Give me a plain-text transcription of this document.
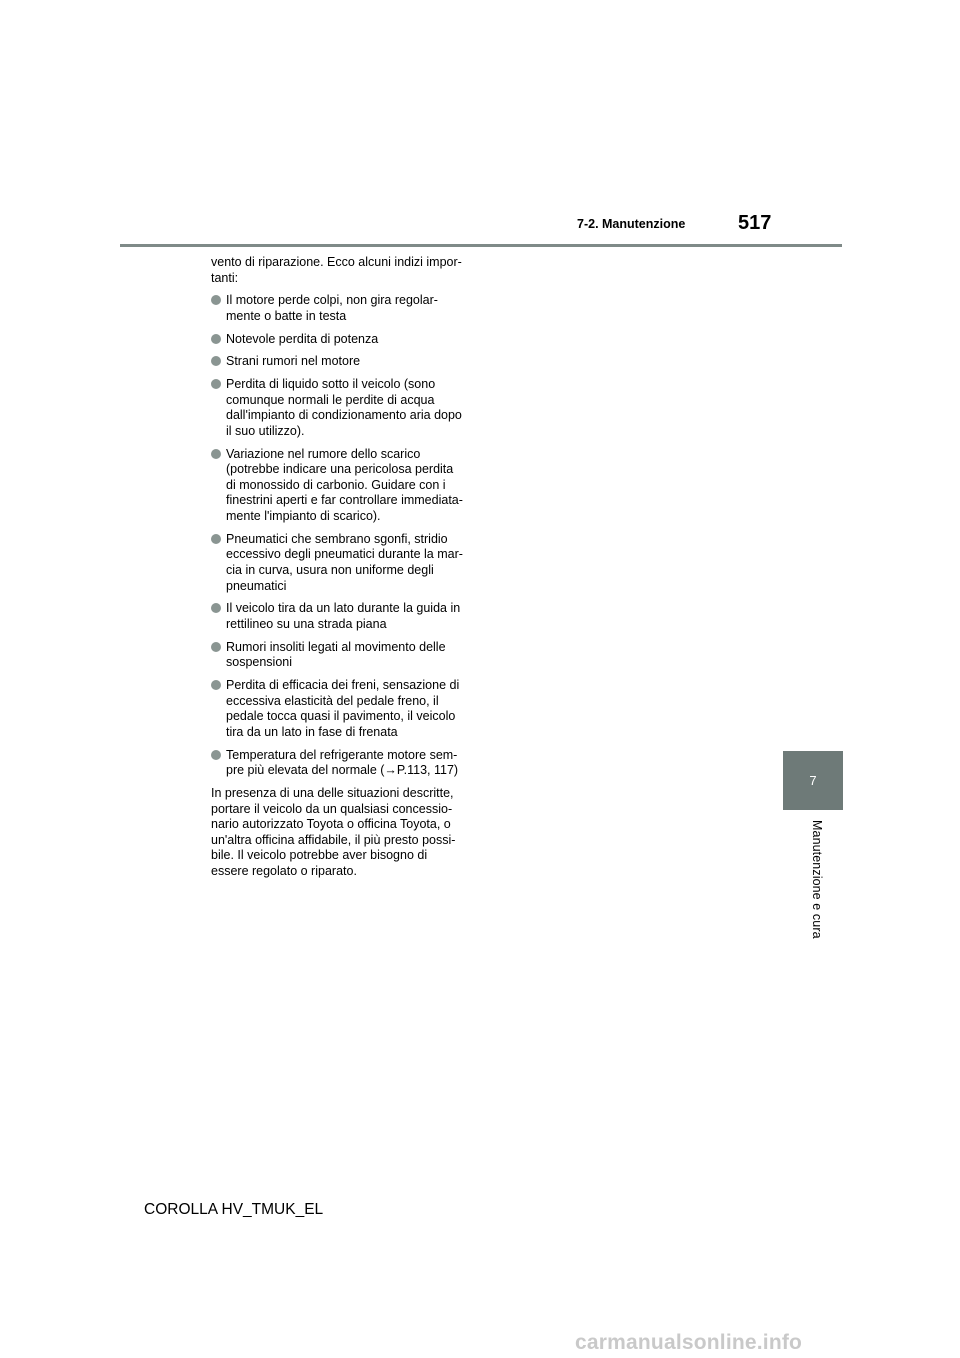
7-2. Manutenzione	517
7
Manutenzione e cura

vento di riparazione. Ecco alcuni indizi impor-
tanti:

Il motore perde colpi, non gira regolar-
mente o batte in testa
Notevole perdita di potenza
Strani rumori nel motore
Perdita di liquido sotto il veicolo (sono
comunque normali le perdite di acqua
dall'impianto di condizionamento aria dopo
il suo utilizzo).
Variazione nel rumore dello scarico
(potrebbe indicare una pericolosa perdita
di monossido di carbonio. Guidare con i
finestrini aperti e far controllare immediata-
mente l'impianto di scarico).
Pneumatici che sembrano sgonfi, stridio
eccessivo degli pneumatici durante la mar-
cia in curva, usura non uniforme degli
pneumatici
Il veicolo tira da un lato durante la guida in
rettilineo su una strada piana
Rumori insoliti legati al movimento delle
sospensioni
Perdita di efficacia dei freni, sensazione di
eccessiva elasticità del pedale freno, il
pedale tocca quasi il pavimento, il veicolo
tira da un lato in fase di frenata
Temperatura del refrigerante motore sem-
pre più elevata del normale (→P.113, 117)

In presenza di una delle situazioni descritte,
portare il veicolo da un qualsiasi concessio-
nario autorizzato Toyota o officina Toyota, o
un'altra officina affidabile, il più presto possi-
bile. Il veicolo potrebbe aver bisogno di
essere regolato o riparato.

COROLLA HV_TMUK_EL
carmanualsonline.info
